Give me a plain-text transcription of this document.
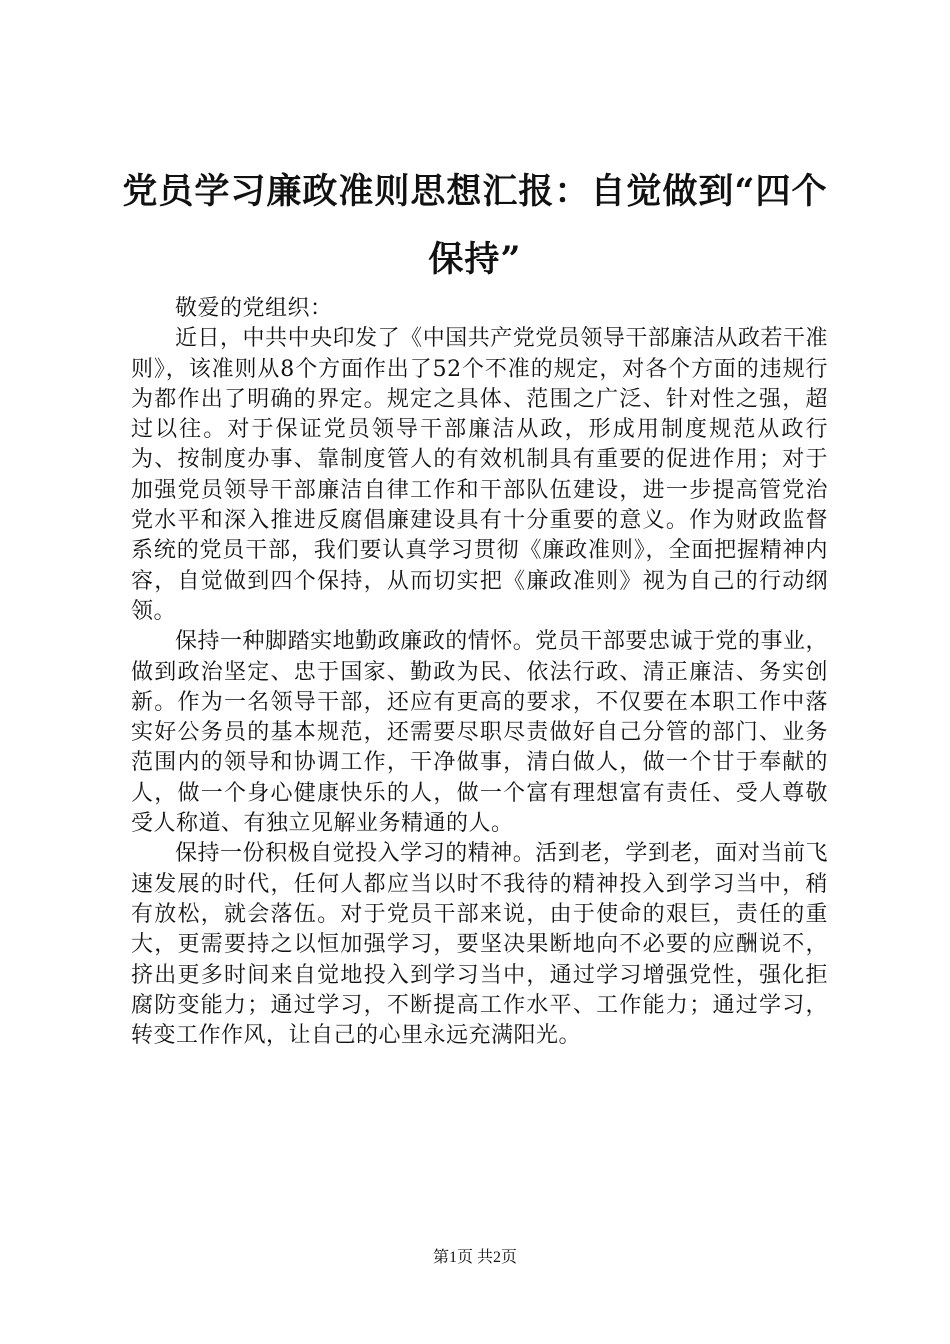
党员学习廉政准则思想汇报：自觉做到“四个保持”

敬爱的党组织：

近日，中共中央印发了《中国共产党党员领导干部廉洁从政若干准则》，该准则从8个方面作出了52个不准的规定，对各个方面的违规行为都作出了明确的界定。规定之具体、范围之广泛、针对性之强，超过以往。对于保证党员领导干部廉洁从政，形成用制度规范从政行为、按制度办事、靠制度管人的有效机制具有重要的促进作用；对于加强党员领导干部廉洁自律工作和干部队伍建设，进一步提高管党治党水平和深入推进反腐倡廉建设具有十分重要的意义。作为财政监督系统的党员干部，我们要认真学习贯彻《廉政准则》，全面把握精神内容，自觉做到四个保持，从而切实把《廉政准则》视为自己的行动纲领。

保持一种脚踏实地勤政廉政的情怀。党员干部要忠诚于党的事业，做到政治坚定、忠于国家、勤政为民、依法行政、清正廉洁、务实创新。作为一名领导干部，还应有更高的要求，不仅要在本职工作中落实好公务员的基本规范，还需要尽职尽责做好自己分管的部门、业务范围内的领导和协调工作，干净做事，清白做人，做一个甘于奉献的人，做一个身心健康快乐的人，做一个富有理想富有责任、受人尊敬受人称道、有独立见解业务精通的人。

保持一份积极自觉投入学习的精神。活到老，学到老，面对当前飞速发展的时代，任何人都应当以时不我待的精神投入到学习当中，稍有放松，就会落伍。对于党员干部来说，由于使命的艰巨，责任的重大，更需要持之以恒加强学习，要坚决果断地向不必要的应酬说不，挤出更多时间来自觉地投入到学习当中，通过学习增强党性，强化拒腐防变能力；通过学习，不断提高工作水平、工作能力；通过学习，转变工作作风，让自己的心里永远充满阳光。

第1页 共2页
